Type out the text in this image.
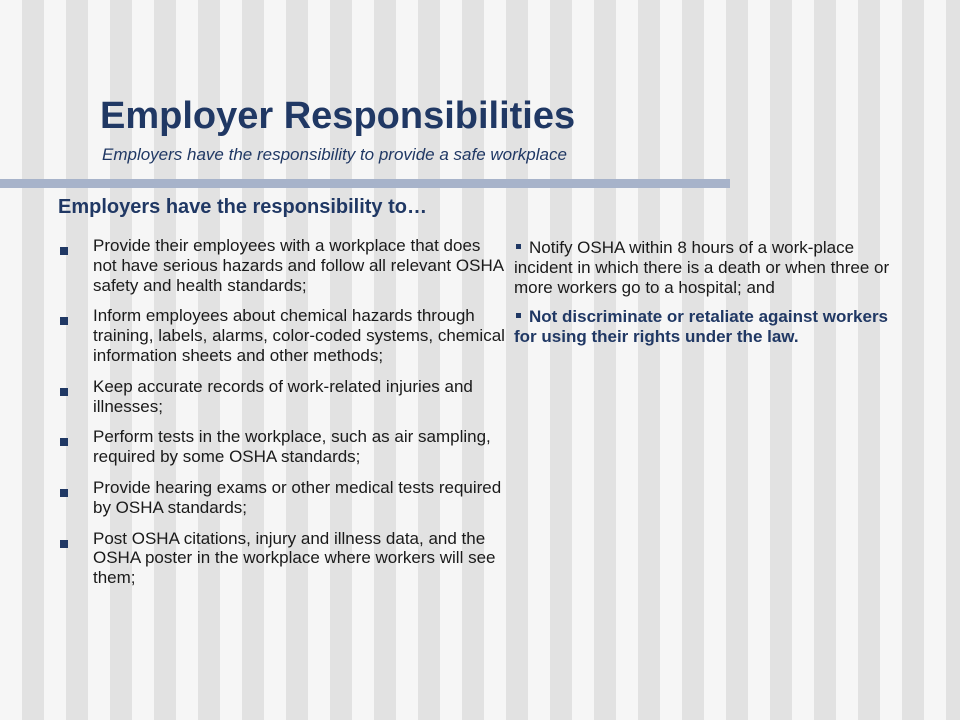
Employer Responsibilities

Employers have the responsibility to provide a safe workplace

Employers have the responsibility to…
Provide their employees with a workplace that does not have serious hazards and follow all relevant OSHA safety and health standards;
Inform employees about chemical hazards through training, labels, alarms, color-coded systems, chemical information sheets and other methods;
Keep accurate records of work-related injuries and illnesses;
Perform tests in the workplace, such as air sampling, required by some OSHA standards;
Provide hearing exams or other medical tests required by OSHA standards;
Post OSHA citations, injury and illness data, and the OSHA poster in the workplace where workers will see them;
Notify OSHA within 8 hours of a work-place incident in which there is a death or when three or more workers go to a hospital; and
Not discriminate or retaliate against workers for using their rights under the law.
